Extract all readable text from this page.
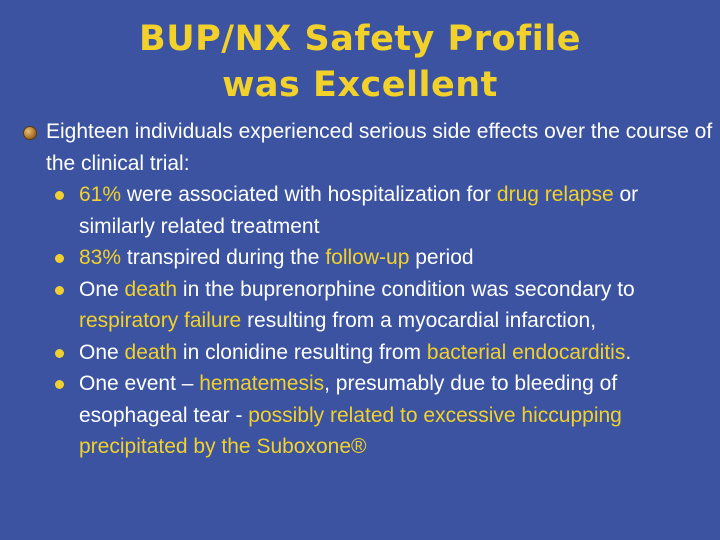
BUP/NX Safety Profile
was Excellent
Eighteen individuals experienced serious side effects over the course of the clinical trial:
61% were associated with hospitalization for drug relapse or similarly related treatment
83% transpired during the follow-up period
One death in the buprenorphine condition was secondary to respiratory failure resulting from a myocardial infarction,
One death in clonidine resulting from bacterial endocarditis.
One event – hematemesis, presumably due to bleeding of esophageal tear - possibly related to excessive hiccupping precipitated by the Suboxone®
